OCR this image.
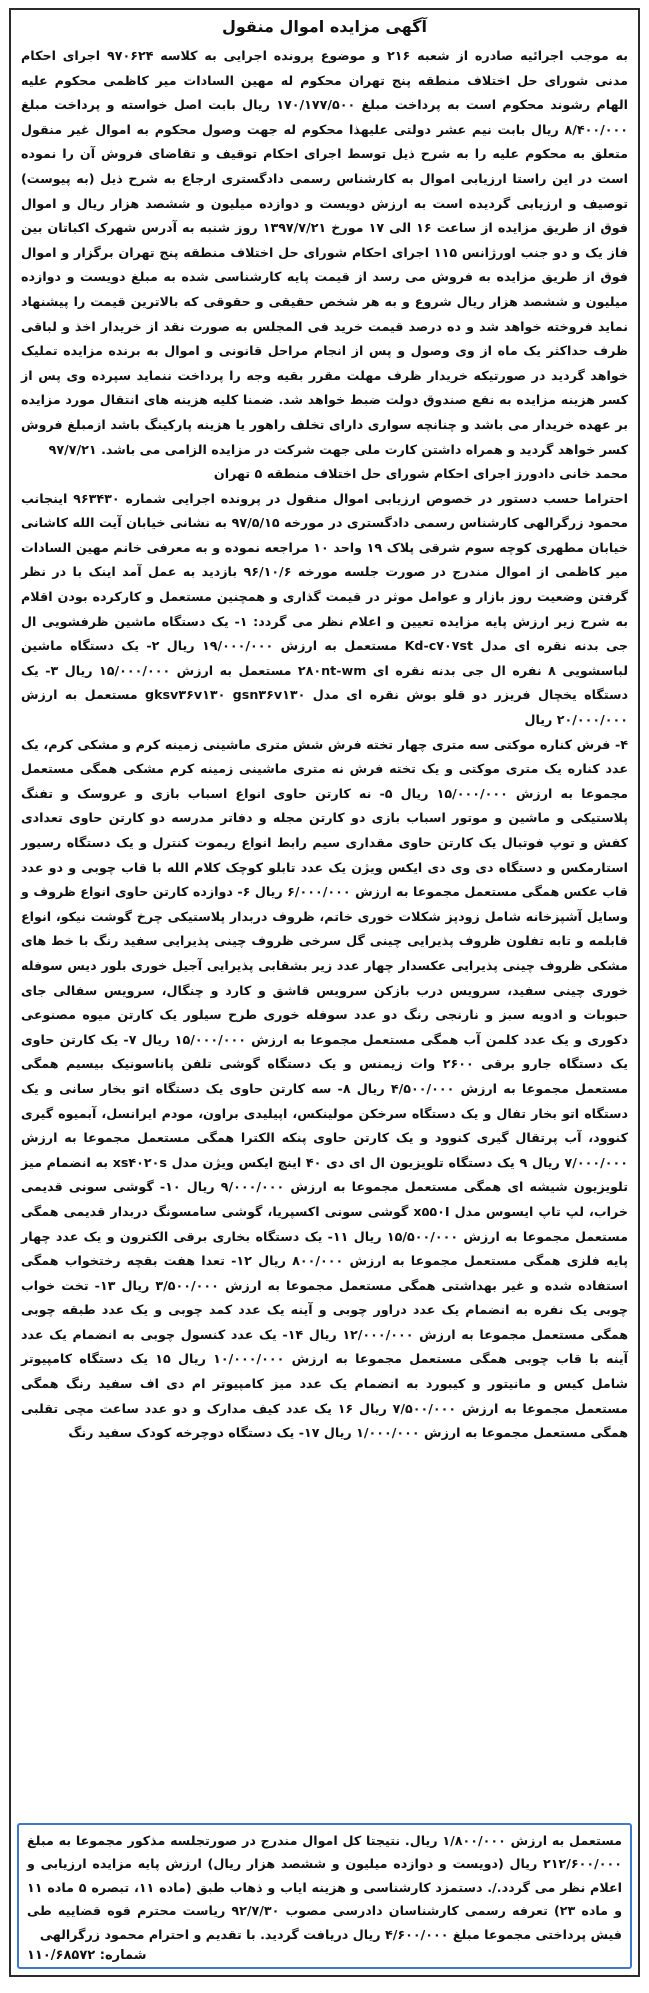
آگهی مزایده اموال منقول

به موجب اجرائیه صادره از شعبه ۲۱۶ و موضوع پرونده اجرایی به کلاسه ۹۷۰۶۲۴ اجرای احکام مدنی شورای حل اختلاف منطقه پنج تهران محکوم له مهین السادات میر کاظمی محکوم علیه الهام رشوند محکوم است به پرداخت مبلغ ۱۷۰/۱۷۷/۵۰۰ ریال بابت اصل خواسته و پرداخت مبلغ ۸/۴۰۰/۰۰۰ ریال بابت نیم عشر دولتی علیهذا محکوم له جهت وصول محکوم به اموال غیر منقول متعلق به محکوم علیه را به شرح ذیل توسط اجرای احکام توقیف و تقاضای فروش آن را نموده است در این راستا ارزیابی اموال به کارشناس رسمی دادگستری ارجاع به شرح ذیل (به پیوست) توصیف و ارزیابی گردیده است به ارزش دویست و دوازده میلیون و ششصد هزار ریال و اموال فوق از طریق مزایده از ساعت ۱۶ الی ۱۷ مورخ ۱۳۹۷/۷/۲۱ روز شنبه به آدرس شهرک اکباتان بین فاز یک و دو جنب اورژانس ۱۱۵ اجرای احکام شورای حل اختلاف منطقه پنج تهران برگزار و اموال فوق از طریق مزایده به فروش می رسد از قیمت پایه کارشناسی شده به مبلغ دویست و دوازده میلیون و ششصد هزار ریال شروع و به هر شخص حقیقی و حقوقی که بالاترین قیمت را پیشنهاد نماید فروخته خواهد شد و ده درصد قیمت خرید فی المجلس به صورت نقد از خریدار اخذ و لباقی ظرف حداکثر یک ماه از وی وصول و پس از انجام مراحل قانونی و اموال به برنده مزایده تملیک خواهد گردید در صورتیکه خریدار ظرف مهلت مقرر بقیه وجه را پرداخت ننماید سپرده وی پس از کسر هزینه مزایده به نفع صندوق دولت ضبط خواهد شد. ضمنا کلیه هزینه های انتقال مورد مزایده بر عهده خریدار می باشد و چنانچه سواری دارای تخلف راهور یا هزینه پارکینگ باشد ازمبلغ فروش کسر خواهد گردید و همراه داشتن کارت ملی جهت شرکت در مزایده الزامی می باشد. ۹۷/۷/۲۱

محمد خانی دادورز اجرای احکام شورای حل اختلاف منطقه ۵ تهران

احتراما حسب دستور در خصوص ارزیابی اموال منقول در پرونده اجرایی شماره ۹۶۳۴۳۰ اینجانب محمود زرگرالهی کارشناس رسمی دادگستری در مورخه ۹۷/۵/۱۵ به نشانی خیابان آیت الله کاشانی خیابان مطهری کوچه سوم شرقی پلاک ۱۹ واحد ۱۰ مراجعه نموده و به معرفی خانم مهین السادات میر کاظمی از اموال مندرج در صورت جلسه مورخه ۹۶/۱۰/۶ بازدید به عمل آمد اینک با در نظر گرفتن وضعیت روز بازار و عوامل موثر در قیمت گذاری و همچنین مستعمل و کارکرده بودن اقلام به شرح زیر ارزش پایه مزایده تعیین و اعلام نظر می گردد: ۱- یک دستگاه ماشین ظرفشویی ال جی بدنه نقره ای مدل Kd-c۷۰۷st مستعمل به ارزش ۱۹/۰۰۰/۰۰۰ ریال ۲- یک دستگاه ماشین لباسشویی ۸ نفره ال جی بدنه نقره ای ۲۸۰nt-wm مستعمل به ارزش ۱۵/۰۰۰/۰۰۰ ریال ۳- یک دستگاه یخچال فریزر دو قلو بوش نقره ای مدل gksv۳۶v۱۳۰ gsn۳۶v۱۳۰ مستعمل به ارزش ۲۰/۰۰۰/۰۰۰ ریال

۴- فرش کناره موکتی سه متری چهار تخته فرش شش متری ماشینی زمینه کرم و مشکی کرم، یک عدد کناره یک متری موکتی و یک تخته فرش نه متری ماشینی زمینه کرم مشکی همگی مستعمل مجموعا به ارزش ۱۵/۰۰۰/۰۰۰ ریال ۵- نه کارتن حاوی انواع اسباب بازی و عروسک و تفنگ پلاستیکی و ماشین و موتور اسباب بازی دو کارتن مجله و دفاتر مدرسه دو کارتن حاوی تعدادی کفش و توپ فوتبال یک کارتن حاوی مقداری سیم رابط انواع ریموت کنترل و یک دستگاه رسیور استارمکس و دستگاه دی وی دی ایکس ویژن یک عدد تابلو کوچک کلام الله با قاب چوبی و دو عدد قاب عکس همگی مستعمل مجموعا به ارزش ۶/۰۰۰/۰۰۰ ریال ۶- دوازده کارتن حاوی انواع ظروف و وسایل آشپزخانه شامل زودپز شکلات خوری خاتم، ظروف دربدار پلاستیکی چرخ گوشت نیکو، انواع قابلمه و تابه تفلون ظروف پذیرایی چینی گل سرخی ظروف چینی پذیرایی سفید رنگ با خط های مشکی ظروف چینی پذیرایی عکسدار چهار عدد زیر بشقابی پذیرایی آجیل خوری بلور دیس سوفله خوری چینی سفید، سرویس درب بازکن سرویس قاشق و کارد و چنگال، سرویس سفالی جای حبوبات و ادویه سبز و نارنجی رنگ دو عدد سوفله خوری طرح سیلور یک کارتن میوه مصنوعی دکوری و یک عدد کلمن آب همگی مستعمل مجموعا به ارزش ۱۵/۰۰۰/۰۰۰ ریال ۷- یک کارتن حاوی یک دستگاه جارو برقی ۲۶۰۰ وات زیمنس و یک دستگاه گوشی تلفن پاناسونیک بیسیم همگی مستعمل مجموعا به ارزش ۴/۵۰۰/۰۰۰ ریال ۸- سه کارتن حاوی یک دستگاه اتو بخار سانی و یک دستگاه اتو بخار تفال و یک دستگاه سرخکن مولینکس، اپیلیدی براون، مودم ایرانسل، آبمیوه گیری کنوود، آب پرتقال گیری کنوود و یک کارتن حاوی پنکه الکترا همگی مستعمل مجموعا به ارزش ۷/۰۰۰/۰۰۰ ریال ۹ یک دستگاه تلویزیون ال ای دی ۴۰ اینچ ایکس ویژن مدل xs۴۰۲۰s به انضمام میز تلویزیون شیشه ای همگی مستعمل مجموعا به ارزش ۹/۰۰۰/۰۰۰ ریال ۱۰- گوشی سونی قدیمی خراب، لپ تاپ ایسوس مدل x۵۵۰I گوشی سونی اکسپریا، گوشی سامسونگ دربدار قدیمی همگی مستعمل مجموعا به ارزش ۱۵/۵۰۰/۰۰۰ ریال ۱۱- یک دستگاه بخاری برقی الکترون و یک عدد چهار پایه فلزی همگی مستعمل مجموعا به ارزش ۸۰۰/۰۰۰ ریال ۱۲- تعدا هفت بقچه رختخواب همگی استفاده شده و غیر بهداشتی همگی مستعمل مجموعا به ارزش ۳/۵۰۰/۰۰۰ ریال ۱۳- تخت خواب چوبی یک نفره به انضمام یک عدد دراور چوبی و آینه یک عدد کمد چوبی و یک عدد طبقه چوبی همگی مستعمل مجموعا به ارزش ۱۲/۰۰۰/۰۰۰ ریال ۱۴- یک عدد کنسول چوبی به انضمام یک عدد آینه با قاب چوبی همگی مستعمل مجموعا به ارزش ۱۰/۰۰۰/۰۰۰ ریال ۱۵ یک دستگاه کامپیوتر شامل کیس و مانیتور و کیبورد به انضمام یک عدد میز کامپیوتر ام دی اف سفید رنگ همگی مستعمل مجموعا به ارزش ۷/۵۰۰/۰۰۰ ریال ۱۶ یک عدد کیف مدارک و دو عدد ساعت مچی تقلبی همگی مستعمل مجموعا به ارزش ۱/۰۰۰/۰۰۰ ریال ۱۷- یک دستگاه دوچرخه کودک سفید رنگ

مستعمل به ارزش ۱/۸۰۰/۰۰۰ ریال. نتیجتا کل اموال مندرج در صورتجلسه مذکور مجموعا به مبلغ ۲۱۲/۶۰۰/۰۰۰ ریال (دویست و دوازده میلیون و ششصد هزار ریال) ارزش پایه مزایده ارزیابی و اعلام نظر می گردد./. دستمزد کارشناسی و هزینه ایاب و ذهاب طبق (ماده ۱۱، تبصره ۵ ماده ۱۱ و ماده ۲۳) تعرفه رسمی کارشناسان دادرسی مصوب ۹۲/۷/۳۰ ریاست محترم قوه قضاییه طی فیش پرداختی مجموعا مبلغ ۴/۶۰۰/۰۰۰ ریال دریافت گردید. با تقدیم و احترام محمود زرگرالهی

شماره: ۱۱۰/۶۸۵۷۲
